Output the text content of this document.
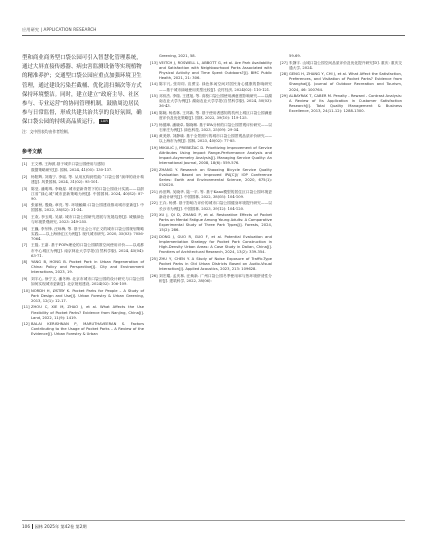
应用研究 | APPLICATION RESEARCH
型和商业商务型口袋公园可引入智慧化管理系统，通过大屏直接传感器、病虫害监测设备等实现植物的精准养护；交通型口袋公园应重点加强环境卫生管理，通过建设污染拦截桶、优化清扫频次等方式保持环境整洁。同时，建立建立“政府主导、社区参与、专业运营”的协同管理机制，鼓励周边居民参与日常监督，形成共建共治共享的良好氛围，确保口袋公园的持续高品质运行。 LAR
注：文中图表均由作者绘制。
参考文献
[1]	王文博, 王海波.基于城乡口袋公园使用与感知
数据策略研究[J]. 园林, 2024, 41(05): 130-137.
[2]	杨阳辉, 刘瑞宁, 李瑶, 等. 从用瓦构到性能:“口袋公园”演绎的设计构建[J]. 风景园林, 2024, 31(02): 95-101.
[3]	陈莹, 潘明珠, 李晓星. 城市更新背景下的口袋公园设计实践——以浙江省“绿心城”城市更新策略为例[J]. 中国园林, 2024, 40(S2): 87-90.
[4]	张丽秋, 殷晓, 章亮, 等. 环境触媒:口袋公园建设推动城市更新[J]. 中国园林, 2022, 38(S2): 31-34.
[5]	王欢, 李玉明, 吴斌. 城市口袋公园研究进展与发展趋势[J]. 城镇绿色与环境景观研究, 2023: 249-255.
[6]	王巍, 李东锋, 汪咏梅, 等. 基于社会公平正义的城市口袋公园规划策略实践——以上海徐汇区为例[J]. 现代城市研究, 2020, 35(03): 7056-7064.
[7]	王磊, 王嘉. 基于POPs理论的口袋公园精准空间使用评价——以成都市中心城区为例[J]. 南京林业大学学报(自然科学版), 2024, 45(04): 63-71.
[8]	YANG B, HONG B. Pocket Park in Urban Regeneration of China: Policy and Perspective[J]. City and Environment Interactions, 2023, 19.
[9]	刘宇心, 徐宁文, 潘冬梅. 北京市城市口袋公园的设计研究与口袋公园如何实现城市更新[J]. 北京规划建设, 2024(02): 106-109.
[10] NORDH H, ØSTBY K. Pocket Parks for People – A Study of Park Design and Use[J]. Urban Forestry & Urban Greening, 2013, 12(1): 12-17.
[11] ZHOU C, XIE M, ZHAO J, et al. What Affects the Use Flexibility of Pocket Parks? Evidence from Nanjing, China[J]. Land, 2022, 11(9): 1419.
[12] BALAI KERISHNAN P, MARUTHAVEERAN S. Factors Contributing to the Usage of Pocket Parks – A Review of the Evidence[J]. Urban Forestry & Urban
Greening, 2021, 58.
[13] VEITCH J, ROSWELL L, ABBOTT G, et al. Are Park Availability and Satisfaction with Neighbourhood Parks Associated with Physical Activity and Time Spent Outdoors?[J]. BMC Public Health, 2021, 21: 306.
[14] 陈宇凡, 张琮琮, 宣勇宝. 绿色休闲空间对居民身心健康的影响研究——基于城市绿地使用类型比较[J]. 农村经济, 2024(02): 110-121.
[15] 邓伟杰, 李瑞, 王建旭, 等. 高校口袋公园使用满意度影响研究——以湖南农业大学为例[J]. 湖南农业大学学报(自然科学版), 2024, 50(03): 36-43.
[16] 陈婉, 杨浩林, 王邦新, 等. 基于使用者感知的杭州上城区口袋公园满意度评价及优化策略[J]. 园林, 2022, 39(10): 119-125.
[17] 杨德璋, 潘晓卓, 陈晓琳. 基于IPA分析的口袋公园景观评价研究——以石家庄为例[J]. 绿色科技, 2023, 25(09): 29-34.
[18] 黄美婷, 刘静瑜. 基于全景照片的城市口袋公园景观品质评价研究——以上海市为例[J]. 园林, 2023, 40(02): 77-85.
[19] MIKULIĆ J, PREBEŽAC D. Prioritizing Improvement of Service Attributes Using Impact Range-Performance Analysis and Impact-Asymmetry Analysis[J]. Managing Service Quality: An International Journal, 2008, 18(6): 559-576.
[20] ZHANG Y. Research on Shaoxing Bicycle Service Quality Evaluation Based on Improved IPA[C]// IOP Conference Series: Earth and Environmental Science, 2020, 675(1): 032020.
[21] 孙崇辉, 吴晓华, 陆一平, 等. 基于Kano模型的居住区口袋公园环境更新设计研究[J]. 中国园林, 2022, 38(05): 104-109.
[22] 王卉, 杨勇. 基于影响力评价的城市口袋公园健身环境提升研究——以长沙市为例[J]. 中国园林, 2023, 39(12): 104-120.
[23] XU J, QI D, ZHANG P, et al. Restorative Effects of Pocket Parks on Mental Fatigue Among Young Adults: A Comparative Experimental Study of Three Park Types[J]. Forests, 2024, 15(2): 286.
[24] DONG J, GUO R, GUO F, et al. Potential Evaluation and Implementation Strategy for Pocket Park Construction in High-Density Urban Areas: A Case Study in Dalian, China[J]. Frontiers of Architectural Research, 2024, 13(2): 339-354.
[25] ZHU Y, CHEN Y. A Study of Noise Exposure of Traffic-Type Pocket Parks in Old Urban Districts Based on Audio-Visual Interaction[J]. Applied Acoustics, 2023, 213: 109628.
[26] 刘宏耀, 孟庆林, 汪焕新. 广州口袋公园冬季使用率与热环境舒适性分析[J]. 建筑科学, 2022, 38(06):
59-69.
[27] 朱静宇. 山城口袋公园空间品质评价及优化提升研究[D]. 重庆: 重庆交通大学, 2024.
[28] GENG H, ZHANG Y, CHI J, et al. What Affect the Satisfaction, Preferences, and Visitation of Pocket Parks? Evidence from Shanghai[J]. Journal of Outdoor Recreation and Tourism, 2024, 46: 100764.
[29] ALBAYRAK T, CABER M. Penalty - Reward - Contrast Analysis: A Review of Its Application in Customer Satisfaction Research[J]. Total Quality Management & Business Excellence, 2013, 24(11-12): 1288-1300.
106 园林 2025年 第42卷 第2期
